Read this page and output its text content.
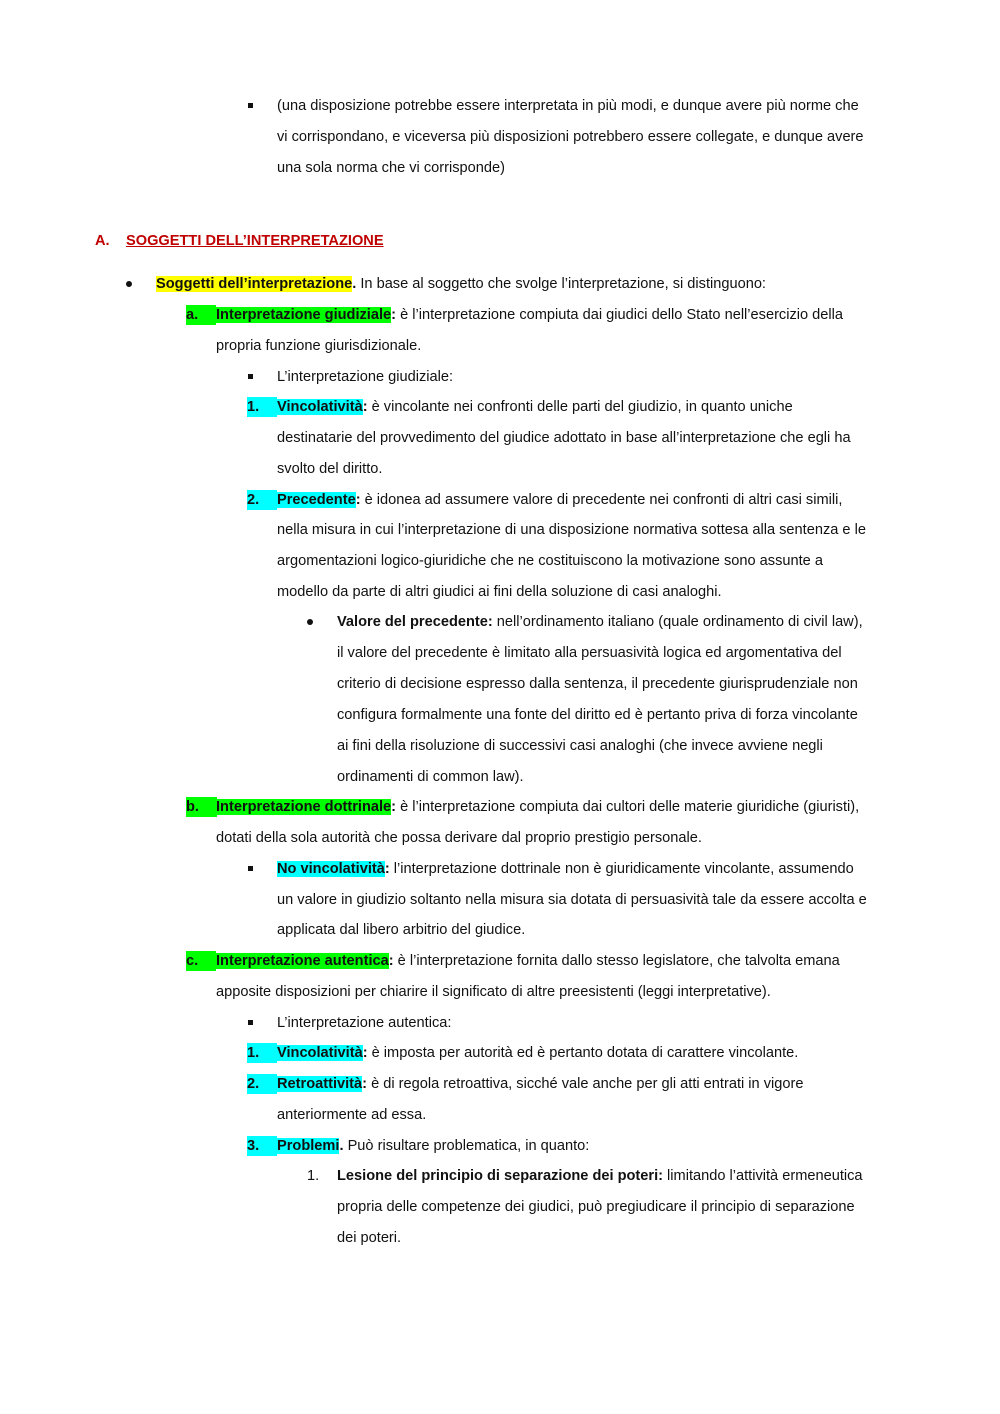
(una disposizione potrebbe essere interpretata in più modi, e dunque avere più norme che
vi corrispondano, e viceversa più disposizioni potrebbero essere collegate, e dunque avere
una sola norma che vi corrisponde)
A. SOGGETTI DELL’INTERPRETAZIONE
Soggetti dell’interpretazione. In base al soggetto che svolge l’interpretazione, si distinguono:
a.	Interpretazione giudiziale: è l’interpretazione compiuta dai giudici dello Stato nell’esercizio della
propria funzione giurisdizionale.
L’interpretazione giudiziale:
1.	Vincolatività: è vincolante nei confronti delle parti del giudizio, in quanto uniche
destinatarie del provvedimento del giudice adottato in base all’interpretazione che egli ha
svolto del diritto.
2.	Precedente: è idonea ad assumere valore di precedente nei confronti di altri casi simili,
nella misura in cui l’interpretazione di una disposizione normativa sottesa alla sentenza e le
argomentazioni logico-giuridiche che ne costituiscono la motivazione sono assunte a
modello da parte di altri giudici ai fini della soluzione di casi analoghi.
Valore del precedente: nell’ordinamento italiano (quale ordinamento di civil law),
il valore del precedente è limitato alla persuasività logica ed argomentativa del
criterio di decisione espresso dalla sentenza, il precedente giurisprudenziale non
configura formalmente una fonte del diritto ed è pertanto priva di forza vincolante
ai fini della risoluzione di successivi casi analoghi (che invece avviene negli
ordinamenti di common law).
b.	Interpretazione dottrinale: è l’interpretazione compiuta dai cultori delle materie giuridiche (giuristi),
dotati della sola autorità che possa derivare dal proprio prestigio personale.
No vincolatività: l’interpretazione dottrinale non è giuridicamente vincolante, assumendo
un valore in giudizio soltanto nella misura sia dotata di persuasività tale da essere accolta e
applicata dal libero arbitrio del giudice.
c.	Interpretazione autentica: è l’interpretazione fornita dallo stesso legislatore, che talvolta emana
apposite disposizioni per chiarire il significato di altre preesistenti (leggi interpretative).
L’interpretazione autentica:
1.	Vincolatività: è imposta per autorità ed è pertanto dotata di carattere vincolante.
2.	Retroattività: è di regola retroattiva, sicché vale anche per gli atti entrati in vigore
anteriormente ad essa.
3.	Problemi. Può risultare problematica, in quanto:
1. Lesione del principio di separazione dei poteri: limitando l’attività ermeneutica
propria delle competenze dei giudici, può pregiudicare il principio di separazione
dei poteri.
